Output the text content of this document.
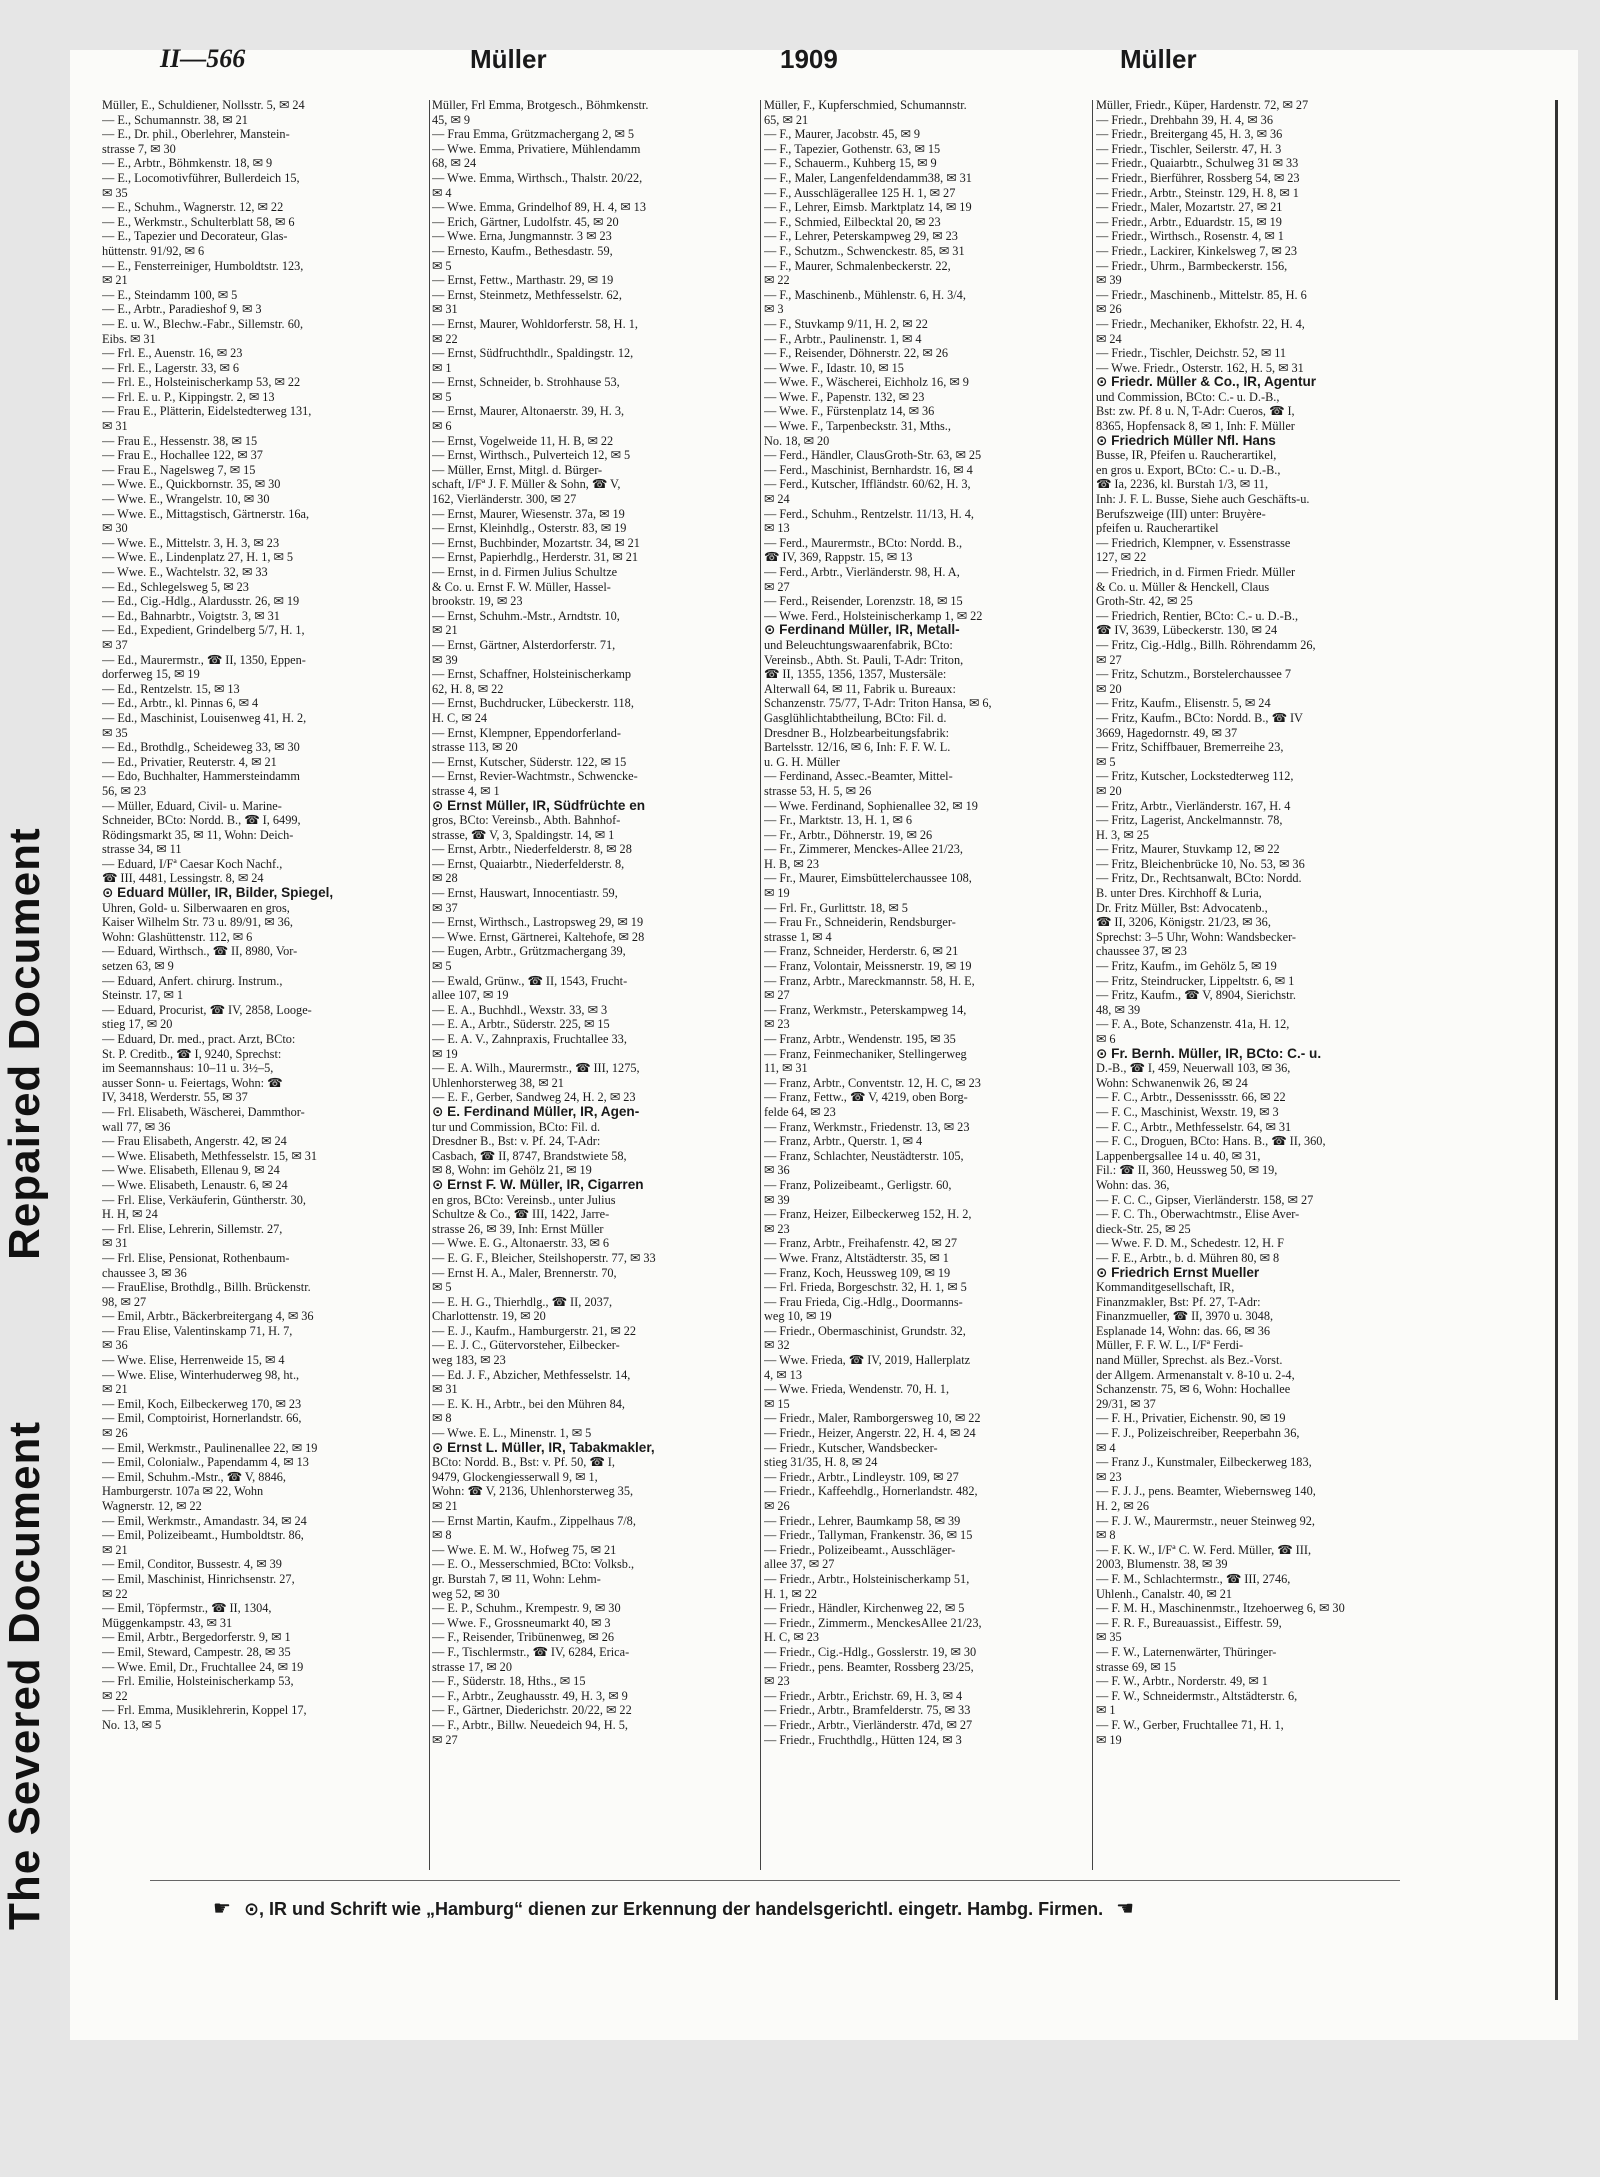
Repaired Document
The Severed Document
II—566	Müller	1909	Müller
Müller, E., Schuldiener, Nollsstr. 5, ✉ 24
— E., Schumannstr. 38, ✉ 21
— E., Dr. phil., Oberlehrer, Manstein-
strasse 7, ✉ 30
— E., Arbtr., Böhmkenstr. 18, ✉ 9
— E., Locomotivführer, Bullerdeich 15,
✉ 35
— E., Schuhm., Wagnerstr. 12, ✉ 22
— E., Werkmstr., Schulterblatt 58, ✉ 6
— E., Tapezier und Decorateur, Glas-
hüttenstr. 91/92, ✉ 6
— E., Fensterreiniger, Humboldtstr. 123,
✉ 21
— E., Steindamm 100, ✉ 5
— E., Arbtr., Paradieshof 9, ✉ 3
— E. u. W., Blechw.-Fabr., Sillemstr. 60,
Eibs. ✉ 31
— Frl. E., Auenstr. 16, ✉ 23
— Frl. E., Lagerstr. 33, ✉ 6
— Frl. E., Holsteinischerkamp 53, ✉ 22
— Frl. E. u. P., Kippingstr. 2, ✉ 13
— Frau E., Plätterin, Eidelstedterweg 131,
✉ 31
— Frau E., Hessenstr. 38, ✉ 15
— Frau E., Hochallee 122, ✉ 37
— Frau E., Nagelsweg 7, ✉ 15
— Wwe. E., Quickbornstr. 35, ✉ 30
— Wwe. E., Wrangelstr. 10, ✉ 30
— Wwe. E., Mittagstisch, Gärtnerstr. 16a,
✉ 30
— Wwe. E., Mittelstr. 3, H. 3, ✉ 23
— Wwe. E., Lindenplatz 27, H. 1, ✉ 5
— Wwe. E., Wachtelstr. 32, ✉ 33
— Ed., Schlegelsweg 5, ✉ 23
— Ed., Cig.-Hdlg., Alardusstr. 26, ✉ 19
— Ed., Bahnarbtr., Voigtstr. 3, ✉ 31
— Ed., Expedient, Grindelberg 5/7, H. 1,
✉ 37
— Ed., Maurermstr., ☎ II, 1350, Eppen-
dorferweg 15, ✉ 19
— Ed., Rentzelstr. 15, ✉ 13
— Ed., Arbtr., kl. Pinnas 6, ✉ 4
— Ed., Maschinist, Louisenweg 41, H. 2,
✉ 35
— Ed., Brothdlg., Scheideweg 33, ✉ 30
— Ed., Privatier, Reuterstr. 4, ✉ 21
— Edo, Buchhalter, Hammersteindamm
56, ✉ 23
— Müller, Eduard, Civil- u. Marine-
Schneider, BCto: Nordd. B., ☎ I, 6499,
Rödingsmarkt 35, ✉ 11, Wohn: Deich-
strasse 34, ✉ 11
— Eduard, I/Fª Caesar Koch Nachf.,
☎ III, 4481, Lessingstr. 8, ✉ 24
⊙ Eduard Müller, IR, Bilder, Spiegel,
Uhren, Gold- u. Silberwaaren en gros,
Kaiser Wilhelm Str. 73 u. 89/91, ✉ 36,
Wohn: Glashüttenstr. 112, ✉ 6
— Eduard, Wirthsch., ☎ II, 8980, Vor-
setzen 63, ✉ 9
— Eduard, Anfert. chirurg. Instrum.,
Steinstr. 17, ✉ 1
— Eduard, Procurist, ☎ IV, 2858, Looge-
stieg 17, ✉ 20
— Eduard, Dr. med., pract. Arzt, BCto:
St. P. Creditb., ☎ I, 9240, Sprechst:
im Seemannshaus: 10–11 u. 3½–5,
ausser Sonn- u. Feiertags, Wohn: ☎
IV, 3418, Werderstr. 55, ✉ 37
— Frl. Elisabeth, Wäscherei, Dammthor-
wall 77, ✉ 36
— Frau Elisabeth, Angerstr. 42, ✉ 24
— Wwe. Elisabeth, Methfesselstr. 15, ✉ 31
— Wwe. Elisabeth, Ellenau 9, ✉ 24
— Wwe. Elisabeth, Lenaustr. 6, ✉ 24
— Frl. Elise, Verkäuferin, Güntherstr. 30,
H. H, ✉ 24
— Frl. Elise, Lehrerin, Sillemstr. 27,
✉ 31
— Frl. Elise, Pensionat, Rothenbaum-
chaussee 3, ✉ 36
— FrauElise, Brothdlg., Billh. Brückenstr.
98, ✉ 27
— Emil, Arbtr., Bäckerbreitergang 4, ✉ 36
— Frau Elise, Valentinskamp 71, H. 7,
✉ 36
— Wwe. Elise, Herrenweide 15, ✉ 4
— Wwe. Elise, Winterhuderweg 98, ht.,
✉ 21
— Emil, Koch, Eilbeckerweg 170, ✉ 23
— Emil, Comptoirist, Hornerlandstr. 66,
✉ 26
— Emil, Werkmstr., Paulinenallee 22, ✉ 19
— Emil, Colonialw., Papendamm 4, ✉ 13
— Emil, Schuhm.-Mstr., ☎ V, 8846,
Hamburgerstr. 107a ✉ 22, Wohn
Wagnerstr. 12, ✉ 22
— Emil, Werkmstr., Amandastr. 34, ✉ 24
— Emil, Polizeibeamt., Humboldtstr. 86,
✉ 21
— Emil, Conditor, Bussestr. 4, ✉ 39
— Emil, Maschinist, Hinrichsenstr. 27,
✉ 22
— Emil, Töpfermstr., ☎ II, 1304,
Müggenkampstr. 43, ✉ 31
— Emil, Arbtr., Bergedorferstr. 9, ✉ 1
— Emil, Steward, Campestr. 28, ✉ 35
— Wwe. Emil, Dr., Fruchtallee 24, ✉ 19
— Frl. Emilie, Holsteinischerkamp 53,
✉ 22
— Frl. Emma, Musiklehrerin, Koppel 17,
No. 13, ✉ 5
Müller, Frl Emma, Brotgesch., Böhmkenstr.
45, ✉ 9
— Frau Emma, Grützmachergang 2, ✉ 5
— Wwe. Emma, Privatiere, Mühlendamm
68, ✉ 24
— Wwe. Emma, Wirthsch., Thalstr. 20/22,
✉ 4
— Wwe. Emma, Grindelhof 89, H. 4, ✉ 13
— Erich, Gärtner, Ludolfstr. 45, ✉ 20
— Wwe. Erna, Jungmannstr. 3 ✉ 23
— Ernesto, Kaufm., Bethesdastr. 59,
✉ 5
— Ernst, Fettw., Marthastr. 29, ✉ 19
— Ernst, Steinmetz, Methfesselstr. 62,
✉ 31
— Ernst, Maurer, Wohldorferstr. 58, H. 1,
✉ 22
— Ernst, Südfruchthdlr., Spaldingstr. 12,
✉ 1
— Ernst, Schneider, b. Strohhause 53,
✉ 5
— Ernst, Maurer, Altonaerstr. 39, H. 3,
✉ 6
— Ernst, Vogelweide 11, H. B, ✉ 22
— Ernst, Wirthsch., Pulverteich 12, ✉ 5
— Müller, Ernst, Mitgl. d. Bürger-
schaft, I/Fª J. F. Müller & Sohn, ☎ V,
162, Vierländerstr. 300, ✉ 27
— Ernst, Maurer, Wiesenstr. 37a, ✉ 19
— Ernst, Kleinhdlg., Osterstr. 83, ✉ 19
— Ernst, Buchbinder, Mozartstr. 34, ✉ 21
— Ernst, Papierhdlg., Herderstr. 31, ✉ 21
— Ernst, in d. Firmen Julius Schultze
& Co. u. Ernst F. W. Müller, Hassel-
brookstr. 19, ✉ 23
— Ernst, Schuhm.-Mstr., Arndtstr. 10,
✉ 21
— Ernst, Gärtner, Alsterdorferstr. 71,
✉ 39
— Ernst, Schaffner, Holsteinischerkamp
62, H. 8, ✉ 22
— Ernst, Buchdrucker, Lübeckerstr. 118,
H. C, ✉ 24
— Ernst, Klempner, Eppendorferland-
strasse 113, ✉ 20
— Ernst, Kutscher, Süderstr. 122, ✉ 15
— Ernst, Revier-Wachtmstr., Schwencke-
strasse 4, ✉ 1
⊙ Ernst Müller, IR, Südfrüchte en
gros, BCto: Vereinsb., Abth. Bahnhof-
strasse, ☎ V, 3, Spaldingstr. 14, ✉ 1
— Ernst, Arbtr., Niederfelderstr. 8, ✉ 28
— Ernst, Quaiarbtr., Niederfelderstr. 8,
✉ 28
— Ernst, Hauswart, Innocentiastr. 59,
✉ 37
— Ernst, Wirthsch., Lastropsweg 29, ✉ 19
— Wwe. Ernst, Gärtnerei, Kaltehofe, ✉ 28
— Eugen, Arbtr., Grützmachergang 39,
✉ 5
— Ewald, Grünw., ☎ II, 1543, Frucht-
allee 107, ✉ 19
— E. A., Buchhdl., Wexstr. 33, ✉ 3
— E. A., Arbtr., Süderstr. 225, ✉ 15
— E. A. V., Zahnpraxis, Fruchtallee 33,
✉ 19
— E. A. Wilh., Maurermstr., ☎ III, 1275,
Uhlenhorsterweg 38, ✉ 21
— E. F., Gerber, Sandweg 24, H. 2, ✉ 23
⊙ E. Ferdinand Müller, IR, Agen-
tur und Commission, BCto: Fil. d.
Dresdner B., Bst: v. Pf. 24, T-Adr:
Casbach, ☎ II, 8747, Brandstwiete 58,
✉ 8, Wohn: im Gehölz 21, ✉ 19
⊙ Ernst F. W. Müller, IR, Cigarren
en gros, BCto: Vereinsb., unter Julius
Schultze & Co., ☎ III, 1422, Jarre-
strasse 26, ✉ 39, Inh: Ernst Müller
— Wwe. E. G., Altonaerstr. 33, ✉ 6
— E. G. F., Bleicher, Steilshoperstr. 77, ✉ 33
— Ernst H. A., Maler, Brennerstr. 70,
✉ 5
— E. H. G., Thierhdlg., ☎ II, 2037,
Charlottenstr. 19, ✉ 20
— E. J., Kaufm., Hamburgerstr. 21, ✉ 22
— E. J. C., Gütervorsteher, Eilbecker-
weg 183, ✉ 23
— Ed. J. F., Abzicher, Methfesselstr. 14,
✉ 31
— E. K. H., Arbtr., bei den Mühren 84,
✉ 8
— Wwe. E. L., Minenstr. 1, ✉ 5
⊙ Ernst L. Müller, IR, Tabakmakler,
BCto: Nordd. B., Bst: v. Pf. 50, ☎ I,
9479, Glockengiesserwall 9, ✉ 1,
Wohn: ☎ V, 2136, Uhlenhorsterweg 35,
✉ 21
— Ernst Martin, Kaufm., Zippelhaus 7/8,
✉ 8
— Wwe. E. M. W., Hofweg 75, ✉ 21
— E. O., Messerschmied, BCto: Volksb.,
gr. Burstah 7, ✉ 11, Wohn: Lehm-
weg 52, ✉ 30
— E. P., Schuhm., Krempestr. 9, ✉ 30
— Wwe. F., Grossneumarkt 40, ✉ 3
— F., Reisender, Tribünenweg, ✉ 26
— F., Tischlermstr., ☎ IV, 6284, Erica-
strasse 17, ✉ 20
— F., Süderstr. 18, Hths., ✉ 15
— F., Arbtr., Zeughausstr. 49, H. 3, ✉ 9
— F., Gärtner, Diederichstr. 20/22, ✉ 22
— F., Arbtr., Billw. Neuedeich 94, H. 5,
✉ 27
Müller, F., Kupferschmied, Schumannstr.
65, ✉ 21
— F., Maurer, Jacobstr. 45, ✉ 9
— F., Tapezier, Gothenstr. 63, ✉ 15
— F., Schauerm., Kuhberg 15, ✉ 9
— F., Maler, Langenfeldendamm38, ✉ 31
— F., Ausschlägerallee 125 H. 1, ✉ 27
— F., Lehrer, Eimsb. Marktplatz 14, ✉ 19
— F., Schmied, Eilbecktal 20, ✉ 23
— F., Lehrer, Peterskampweg 29, ✉ 23
— F., Schutzm., Schwenckestr. 85, ✉ 31
— F., Maurer, Schmalenbeckerstr. 22,
✉ 22
— F., Maschinenb., Mühlenstr. 6, H. 3/4,
✉ 3
— F., Stuvkamp 9/11, H. 2, ✉ 22
— F., Arbtr., Paulinenstr. 1, ✉ 4
— F., Reisender, Döhnerstr. 22, ✉ 26
— Wwe. F., Idastr. 10, ✉ 15
— Wwe. F., Wäscherei, Eichholz 16, ✉ 9
— Wwe. F., Papenstr. 132, ✉ 23
— Wwe. F., Fürstenplatz 14, ✉ 36
— Wwe. F., Tarpenbeckstr. 31, Mths.,
No. 18, ✉ 20
— Ferd., Händler, ClausGroth-Str. 63, ✉ 25
— Ferd., Maschinist, Bernhardstr. 16, ✉ 4
— Ferd., Kutscher, Iffländstr. 60/62, H. 3,
✉ 24
— Ferd., Schuhm., Rentzelstr. 11/13, H. 4,
✉ 13
— Ferd., Maurermstr., BCto: Nordd. B.,
☎ IV, 369, Rappstr. 15, ✉ 13
— Ferd., Arbtr., Vierländerstr. 98, H. A,
✉ 27
— Ferd., Reisender, Lorenzstr. 18, ✉ 15
— Wwe. Ferd., Holsteinischerkamp 1, ✉ 22
⊙ Ferdinand Müller, IR, Metall-
und Beleuchtungswaarenfabrik, BCto:
Vereinsb., Abth. St. Pauli, T-Adr: Triton,
☎ II, 1355, 1356, 1357, Mustersäle:
Alterwall 64, ✉ 11, Fabrik u. Bureaux:
Schanzenstr. 75/77, T-Adr: Triton Hansa, ✉ 6,
Gasglühlichtabtheilung, BCto: Fil. d.
Dresdner B., Holzbearbeitungsfabrik:
Bartelsstr. 12/16, ✉ 6, Inh: F. F. W. L.
u. G. H. Müller
— Ferdinand, Assec.-Beamter, Mittel-
strasse 53, H. 5, ✉ 26
— Wwe. Ferdinand, Sophienallee 32, ✉ 19
— Fr., Marktstr. 13, H. 1, ✉ 6
— Fr., Arbtr., Döhnerstr. 19, ✉ 26
— Fr., Zimmerer, Menckes-Allee 21/23,
H. B, ✉ 23
— Fr., Maurer, Eimsbüttelerchaussee 108,
✉ 19
— Frl. Fr., Gurlittstr. 18, ✉ 5
— Frau Fr., Schneiderin, Rendsburger-
strasse 1, ✉ 4
— Franz, Schneider, Herderstr. 6, ✉ 21
— Franz, Volontair, Meissnerstr. 19, ✉ 19
— Franz, Arbtr., Mareckmannstr. 58, H. E,
✉ 27
— Franz, Werkmstr., Peterskampweg 14,
✉ 23
— Franz, Arbtr., Wendenstr. 195, ✉ 35
— Franz, Feinmechaniker, Stellingerweg
11, ✉ 31
— Franz, Arbtr., Conventstr. 12, H. C, ✉ 23
— Franz, Fettw., ☎ V, 4219, oben Borg-
felde 64, ✉ 23
— Franz, Werkmstr., Friedenstr. 13, ✉ 23
— Franz, Arbtr., Querstr. 1, ✉ 4
— Franz, Schlachter, Neustädterstr. 105,
✉ 36
— Franz, Polizeibeamt., Gerligstr. 60,
✉ 39
— Franz, Heizer, Eilbeckerweg 152, H. 2,
✉ 23
— Franz, Arbtr., Freihafenstr. 42, ✉ 27
— Wwe. Franz, Altstädterstr. 35, ✉ 1
— Franz, Koch, Heussweg 109, ✉ 19
— Frl. Frieda, Borgeschstr. 32, H. 1, ✉ 5
— Frau Frieda, Cig.-Hdlg., Doormanns-
weg 10, ✉ 19
— Friedr., Obermaschinist, Grundstr. 32,
✉ 32
— Wwe. Frieda, ☎ IV, 2019, Hallerplatz
4, ✉ 13
— Wwe. Frieda, Wendenstr. 70, H. 1,
✉ 15
— Friedr., Maler, Ramborgersweg 10, ✉ 22
— Friedr., Heizer, Angerstr. 22, H. 4, ✉ 24
— Friedr., Kutscher, Wandsbecker-
stieg 31/35, H. 8, ✉ 24
— Friedr., Arbtr., Lindleystr. 109, ✉ 27
— Friedr., Kaffeehdlg., Hornerlandstr. 482,
✉ 26
— Friedr., Lehrer, Baumkamp 58, ✉ 39
— Friedr., Tallyman, Frankenstr. 36, ✉ 15
— Friedr., Polizeibeamt., Ausschläger-
allee 37, ✉ 27
— Friedr., Arbtr., Holsteinischerkamp 51,
H. 1, ✉ 22
— Friedr., Händler, Kirchenweg 22, ✉ 5
— Friedr., Zimmerm., MenckesAllee 21/23,
H. C, ✉ 23
— Friedr., Cig.-Hdlg., Gosslerstr. 19, ✉ 30
— Friedr., pens. Beamter, Rossberg 23/25,
✉ 23
— Friedr., Arbtr., Erichstr. 69, H. 3, ✉ 4
— Friedr., Arbtr., Bramfelderstr. 75, ✉ 33
— Friedr., Arbtr., Vierländerstr. 47d, ✉ 27
— Friedr., Fruchthdlg., Hütten 124, ✉ 3
Müller, Friedr., Küper, Hardenstr. 72, ✉ 27
— Friedr., Drehbahn 39, H. 4, ✉ 36
— Friedr., Breitergang 45, H. 3, ✉ 36
— Friedr., Tischler, Seilerstr. 47, H. 3
— Friedr., Quaiarbtr., Schulweg 31 ✉ 33
— Friedr., Bierführer, Rossberg 54, ✉ 23
— Friedr., Arbtr., Steinstr. 129, H. 8, ✉ 1
— Friedr., Maler, Mozartstr. 27, ✉ 21
— Friedr., Arbtr., Eduardstr. 15, ✉ 19
— Friedr., Wirthsch., Rosenstr. 4, ✉ 1
— Friedr., Lackirer, Kinkelsweg 7, ✉ 23
— Friedr., Uhrm., Barmbeckerstr. 156,
✉ 39
— Friedr., Maschinenb., Mittelstr. 85, H. 6
✉ 26
— Friedr., Mechaniker, Ekhofstr. 22, H. 4,
✉ 24
— Friedr., Tischler, Deichstr. 52, ✉ 11
— Wwe. Friedr., Osterstr. 162, H. 5, ✉ 31
⊙ Friedr. Müller & Co., IR, Agentur
und Commission, BCto: C.- u. D.-B.,
Bst: zw. Pf. 8 u. N, T-Adr: Cueros, ☎ I,
8365, Hopfensack 8, ✉ 1, Inh: F. Müller
⊙ Friedrich Müller Nfl. Hans
Busse, IR, Pfeifen u. Raucherartikel,
en gros u. Export, BCto: C.- u. D.-B.,
☎ Ia, 2236, kl. Burstah 1/3, ✉ 11,
Inh: J. F. L. Busse, Siehe auch Geschäfts-u.
Berufszweige (III) unter: Bruyère-
pfeifen u. Raucherartikel
— Friedrich, Klempner, v. Essenstrasse
127, ✉ 22
— Friedrich, in d. Firmen Friedr. Müller
& Co. u. Müller & Henckell, Claus
Groth-Str. 42, ✉ 25
— Friedrich, Rentier, BCto: C.- u. D.-B.,
☎ IV, 3639, Lübeckerstr. 130, ✉ 24
— Fritz, Cig.-Hdlg., Billh. Röhrendamm 26,
✉ 27
— Fritz, Schutzm., Borstelerchaussee 7
✉ 20
— Fritz, Kaufm., Elisenstr. 5, ✉ 24
— Fritz, Kaufm., BCto: Nordd. B., ☎ IV
3669, Hagedornstr. 49, ✉ 37
— Fritz, Schiffbauer, Bremerreihe 23,
✉ 5
— Fritz, Kutscher, Lockstedterweg 112,
✉ 20
— Fritz, Arbtr., Vierländerstr. 167, H. 4
— Fritz, Lagerist, Anckelmannstr. 78,
H. 3, ✉ 25
— Fritz, Maurer, Stuvkamp 12, ✉ 22
— Fritz, Bleichenbrücke 10, No. 53, ✉ 36
— Fritz, Dr., Rechtsanwalt, BCto: Nordd.
B. unter Dres. Kirchhoff & Luria,
Dr. Fritz Müller, Bst: Advocatenb.,
☎ II, 3206, Königstr. 21/23, ✉ 36,
Sprechst: 3–5 Uhr, Wohn: Wandsbecker-
chaussee 37, ✉ 23
— Fritz, Kaufm., im Gehölz 5, ✉ 19
— Fritz, Steindrucker, Lippeltstr. 6, ✉ 1
— Fritz, Kaufm., ☎ V, 8904, Sierichstr.
48, ✉ 39
— F. A., Bote, Schanzenstr. 41a, H. 12,
✉ 6
⊙ Fr. Bernh. Müller, IR, BCto: C.- u.
D.-B., ☎ I, 459, Neuerwall 103, ✉ 36,
Wohn: Schwanenwik 26, ✉ 24
— F. C., Arbtr., Dessenissstr. 66, ✉ 22
— F. C., Maschinist, Wexstr. 19, ✉ 3
— F. C., Arbtr., Methfesselstr. 64, ✉ 31
— F. C., Droguen, BCto: Hans. B., ☎ II, 360,
Lappenbergsallee 14 u. 40, ✉ 31,
Fil.: ☎ II, 360, Heussweg 50, ✉ 19,
Wohn: das. 36,
— F. C. C., Gipser, Vierländerstr. 158, ✉ 27
— F. C. Th., Oberwachtmstr., Elise Aver-
dieck-Str. 25, ✉ 25
— Wwe. F. D. M., Schedestr. 12, H. F
— F. E., Arbtr., b. d. Mühren 80, ✉ 8
⊙ Friedrich Ernst Mueller
Kommanditgesellschaft, IR,
Finanzmakler, Bst: Pf. 27, T-Adr:
Finanzmueller, ☎ II, 3970 u. 3048,
Esplanade 14, Wohn: das. 66, ✉ 36
Müller, F. F. W. L., I/Fª Ferdi-
nand Müller, Sprechst. als Bez.-Vorst.
der Allgem. Armenanstalt v. 8-10 u. 2-4,
Schanzenstr. 75, ✉ 6, Wohn: Hochallee
29/31, ✉ 37
— F. H., Privatier, Eichenstr. 90, ✉ 19
— F. J., Polizeischreiber, Reeperbahn 36,
✉ 4
— Franz J., Kunstmaler, Eilbeckerweg 183,
✉ 23
— F. J. J., pens. Beamter, Wiebernsweg 140,
H. 2, ✉ 26
— F. J. W., Maurermstr., neuer Steinweg 92,
✉ 8
— F. K. W., I/Fª C. W. Ferd. Müller, ☎ III,
2003, Blumenstr. 38, ✉ 39
— F. M., Schlachtermstr., ☎ III, 2746,
Uhlenh., Canalstr. 40, ✉ 21
— F. M. H., Maschinenmstr., Itzehoerweg 6, ✉ 30
— F. R. F., Bureauassist., Eiffestr. 59,
✉ 35
— F. W., Laternenwärter, Thüringer-
strasse 69, ✉ 15
— F. W., Arbtr., Norderstr. 49, ✉ 1
— F. W., Schneidermstr., Altstädterstr. 6,
✉ 1
— F. W., Gerber, Fruchtallee 71, H. 1,
✉ 19
☛ ⊙, IR und Schrift wie „Hamburg“ dienen zur Erkennung der handelsgerichtl. eingetr. Hambg. Firmen. ☚
